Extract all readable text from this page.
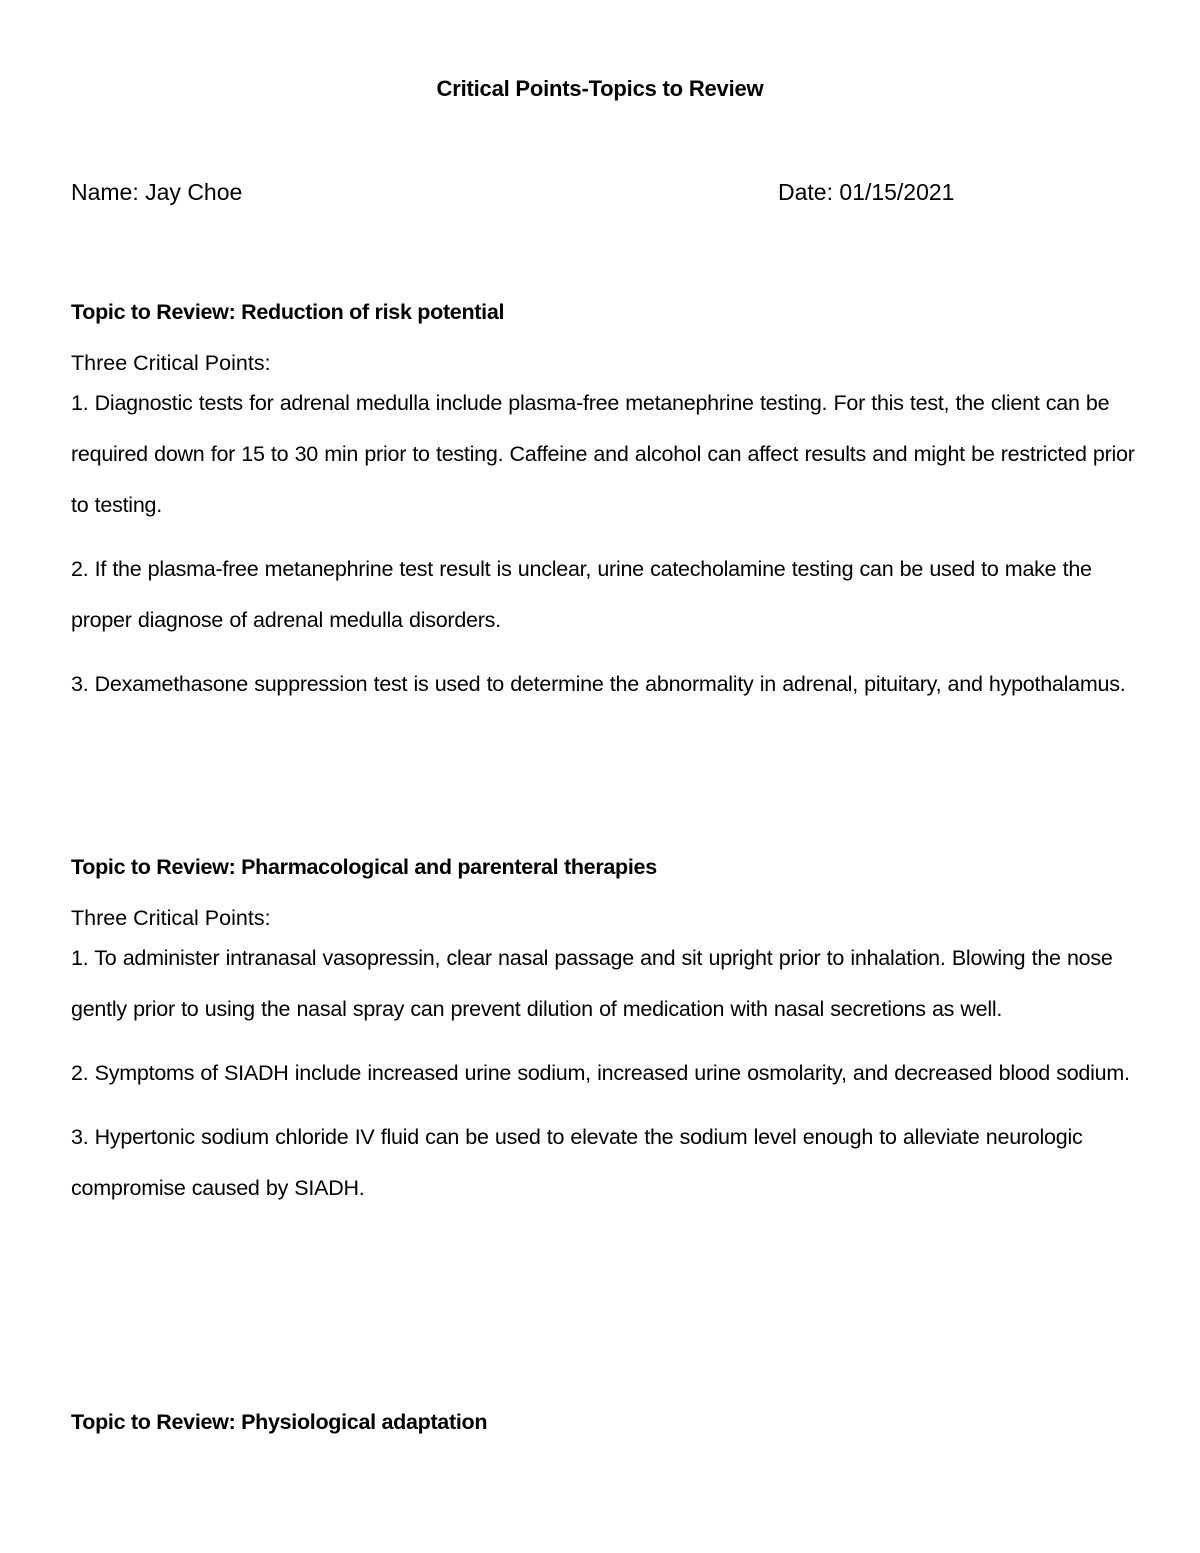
Critical Points-Topics to Review
Name: Jay Choe	Date: 01/15/2021

Topic to Review: Reduction of risk potential

Three Critical Points:

1. Diagnostic tests for adrenal medulla include plasma-free metanephrine testing. For this test, the client can be required down for 15 to 30 min prior to testing. Caffeine and alcohol can affect results and might be restricted prior to testing.

2. If the plasma-free metanephrine test result is unclear, urine catecholamine testing can be used to make the proper diagnose of adrenal medulla disorders.

3. Dexamethasone suppression test is used to determine the abnormality in adrenal, pituitary, and hypothalamus.

Topic to Review: Pharmacological and parenteral therapies

Three Critical Points:

1. To administer intranasal vasopressin, clear nasal passage and sit upright prior to inhalation. Blowing the nose gently prior to using the nasal spray can prevent dilution of medication with nasal secretions as well.

2. Symptoms of SIADH include increased urine sodium, increased urine osmolarity, and decreased blood sodium.

3. Hypertonic sodium chloride IV fluid can be used to elevate the sodium level enough to alleviate neurologic compromise caused by SIADH.

Topic to Review: Physiological adaptation
